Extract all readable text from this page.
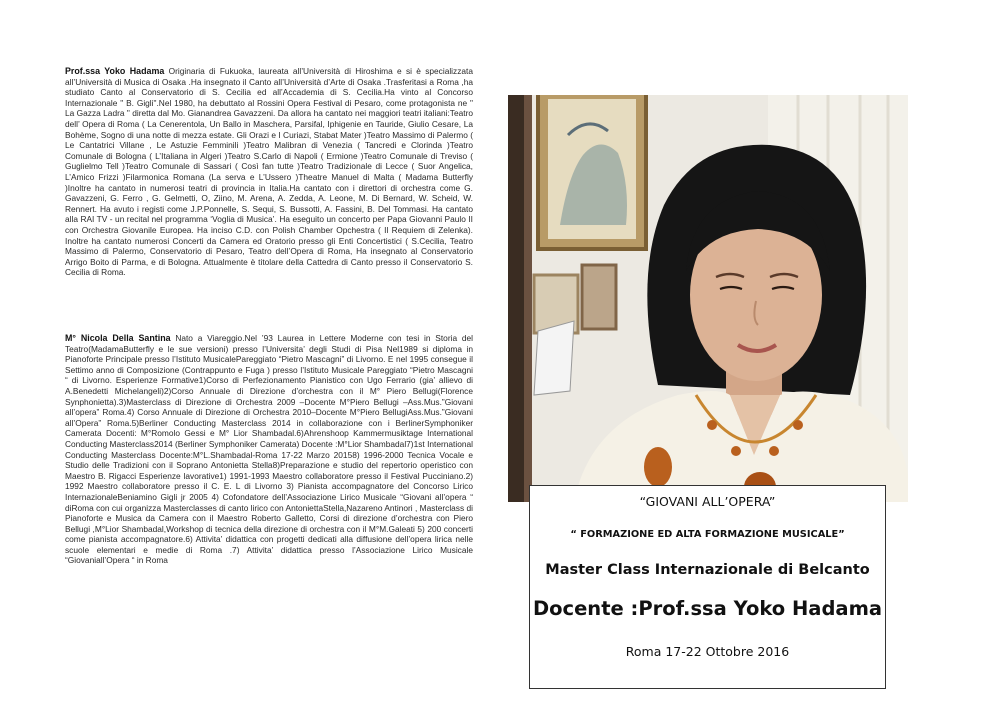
Prof.ssa Yoko Hadama Originaria di Fukuoka, laureata all’Università di Hiroshima e si è specializzata all’Università di Musica di Osaka .Ha insegnato il Canto all’Università d’Arte di Osaka .Trasferitasi a Roma ,ha studiato Canto al Conservatorio di S. Cecilia ed all’Accademia di S. Cecilia.Ha vinto al Concorso Internazionale " B. Gigli".Nel 1980, ha debuttato al Rossini Opera Festival di Pesaro, come protagonista ne " La Gazza Ladra " diretta dal Mo. Gianandrea Gavazzeni. Da allora ha cantato nei maggiori teatri italiani:Teatro dell’ Opera di Roma ( La Cenerentola, Un Ballo in Maschera, Parsifal, Iphigenie en Tauride, Giulio Cesare, La Bohème, Sogno di una notte di mezza estate. Gli Orazi e I Curiazi, Stabat Mater )Teatro Massimo di Palermo ( Le Cantatrici Villane , Le Astuzie Femminili )Teatro Malibran di Venezia ( Tancredi e Clorinda )Teatro Comunale di Bologna ( L’Italiana in Algeri )Teatro S.Carlo di Napoli ( Ermione )Teatro Comunale di Treviso ( Guglielmo Tell )Teatro Comunale di Sassari ( Così fan tutte )Teatro Tradizionale di Lecce ( Suor Angelica, L’Amico Frizzi )Filarmonica Romana (La serva e L’Ussero )Theatre Manuel di Malta ( Madama Butterfly )Inoltre ha cantato in numerosi teatri di provincia in Italia.Ha cantato con i direttori di orchestra come G. Gavazzeni, G. Ferro , G. Gelmetti, O, Ziino, M. Arena, A. Zedda, A. Leone, M. Di Bernard, W. Scheid, W. Rennert. Ha avuto i registi come J.P.Ponnelle, S. Sequi, S. Bussotti, A. Fassini, B. Del Tommasi. Ha cantato alla RAI TV - un recital nel programma ‘Voglia di Musica’. Ha eseguito un concerto per Papa Giovanni Paulo II con Orchestra Giovanile Europea. Ha inciso C.D. con Polish Chamber Opchestra ( Il Requiem di Zelenka). Inoltre ha cantato numerosi Concerti da Camera ed Oratorio presso gli Enti Concertistici ( S.Cecilia, Teatro Massimo di Palermo, Conservatorio di Pesaro, Teatro dell’Opera di Roma, Ha insegnato al Conservatorio Arrigo Boito di Parma, e di Bologna. Attualmente è titolare della Cattedra di Canto presso il Conservatorio S. Cecilia di Roma.
M° Nicola Della Santina Nato a Viareggio.Nel ’93 Laurea in Lettere Moderne con tesi in Storia del Teatro(MadamaButterfly e le sue versioni) presso l’Universita’ degli Studi di Pisa Nel1989 si diploma in Pianoforte Principale presso l’Istituto MusicalePareggiato “Pietro Mascagni” di Livorno. E nel 1995 consegue il Settimo anno di Composizione (Contrappunto e Fuga ) presso l’Istituto Musicale Pareggiato “Pietro Mascagni “ di Livorno. Esperienze Formative1)Corso di Perfezionamento Pianistico con Ugo Ferrario (gia’ allievo di A.Benedetti Michelangeli)2)Corso Annuale di Direzione d’orchestra con il M° Piero Bellugi(Florence Synphonietta).3)Masterclass di Direzione di Orchestra 2009 –Docente M°Piero Bellugi –Ass.Mus.”Giovani all’opera” Roma.4) Corso Annuale di Direzione di Orchestra 2010–Docente M°Piero BellugiAss.Mus.”Giovani all’Opera” Roma.5)Berliner Conducting Masterclass 2014 in collaborazione con i BerlinerSymphoniker Camerata Docenti: M°Romolo Gessi e M° Lior Shambadal.6)Ahrenshoop Kammermusiktage International Conducting Masterclass2014 (Berliner Symphoniker Camerata) Docente :M°Lior Shambadal7)1st International Conducting Masterclass Docente:M°L.Shambadal-Roma 17-22 Marzo 20158) 1996-2000 Tecnica Vocale e Studio delle Tradizioni con il Soprano Antonietta Stella8)Preparazione e studio del repertorio operistico con Maestro B. Rigacci Esperienze lavorative1) 1991-1993 Maestro collaboratore presso il Festival Pucciniano.2) 1992 Maestro collaboratore presso il C. E. L di Livorno 3) Pianista accompagnatore del Concorso Lirico InternazionaleBeniamino Gigli jr 2005 4) Cofondatore dell’Associazione Lirico Musicale “Giovani all’opera “ diRoma con cui organizza Masterclasses di canto lirico con AntoniettaStella,Nazareno Antinori , Masterclass di Pianoforte e Musica da Camera con il Maestro Roberto Galletto, Corsi di direzione d’orchestra con Piero Bellugi ,M°Lior Shambadal,Workshop di tecnica della direzione di orchestra con il M°M.Galeati 5) 200 concerti come pianista accompagnatore.6) Attivita’ didattica con progetti dedicati alla diffusione dell’opera lirica nelle scuole elementari e medie di Roma .7) Attivita’ didattica presso l’Associazione Lirico Musicale “Giovaniall’Opera “ in Roma
“GIOVANI ALL’OPERA”
“ FORMAZIONE ED ALTA FORMAZIONE MUSICALE”
Master Class Internazionale di Belcanto
Docente :Prof.ssa Yoko Hadama
Roma 17-22 Ottobre 2016
